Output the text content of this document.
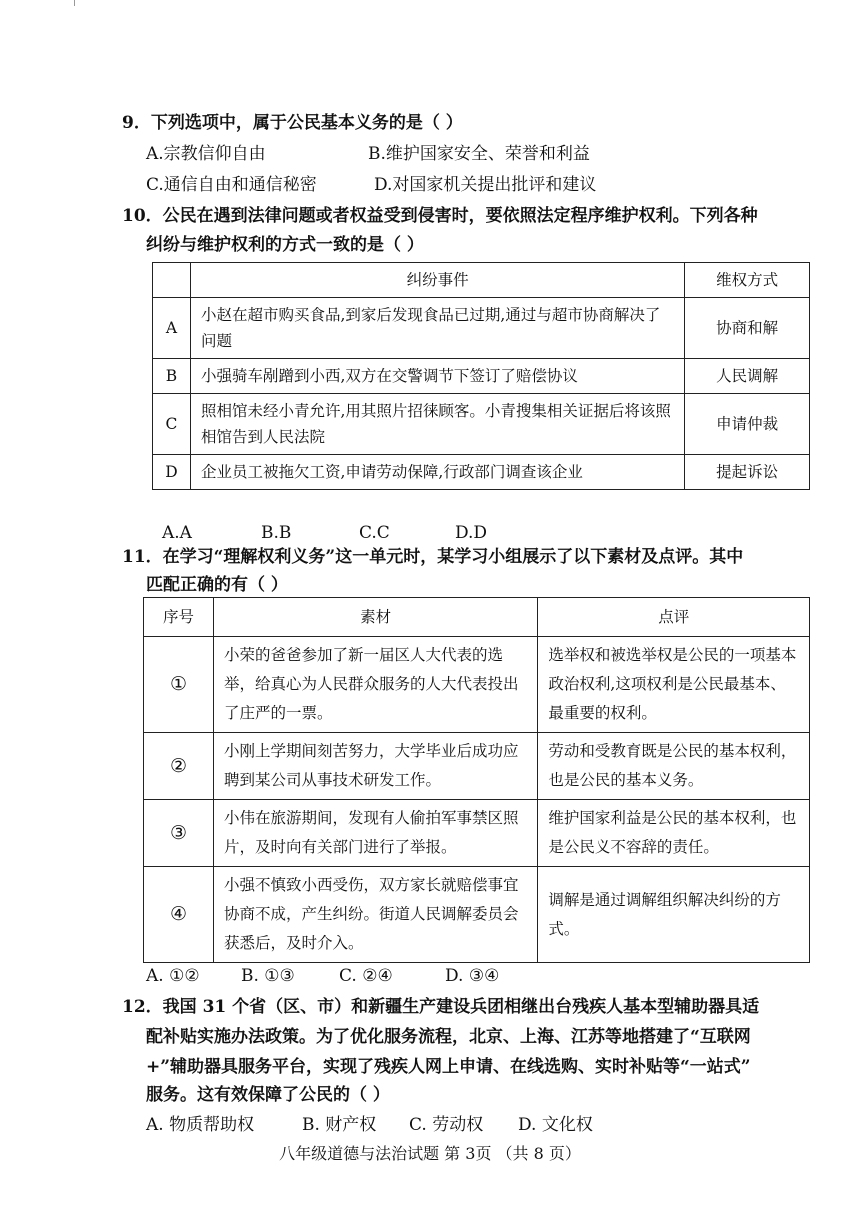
9．下列选项中，属于公民基本义务的是（ ）
A.宗教信仰自由	B.维护国家安全、荣誉和利益
C.通信自由和通信秘密	D.对国家机关提出批评和建议
10．公民在遇到法律问题或者权益受到侵害时，要依照法定程序维护权利。下列各种
纠纷与维护权利的方式一致的是（ ）
	纠纷事件	维权方式
A	小赵在超市购买食品,到家后发现食品已过期,通过与超市协商解决了问题	协商和解
B	小强骑车剐蹭到小西,双方在交警调节下签订了赔偿协议	人民调解
C	照相馆未经小青允许,用其照片招徕顾客。小青搜集相关证据后将该照相馆告到人民法院	申请仲裁
D	企业员工被拖欠工资,申请劳动保障,行政部门调查该企业	提起诉讼
A.A	B.B	C.C	D.D
11．在学习“理解权利义务”这一单元时，某学习小组展示了以下素材及点评。其中
匹配正确的有（ ）
序号	素材	点评
①	小荣的爸爸参加了新一届区人大代表的选举，给真心为人民群众服务的人大代表投出了庄严的一票。	选举权和被选举权是公民的一项基本政治权利,这项权利是公民最基本、最重要的权利。
②	小刚上学期间刻苦努力，大学毕业后成功应聘到某公司从事技术研发工作。	劳动和受教育既是公民的基本权利，也是公民的基本义务。
③	小伟在旅游期间，发现有人偷拍军事禁区照片，及时向有关部门进行了举报。	维护国家利益是公民的基本权利，也是公民义不容辞的责任。
④	小强不慎致小西受伤，双方家长就赔偿事宜协商不成，产生纠纷。街道人民调解委员会获悉后，及时介入。	调解是通过调解组织解决纠纷的方式。
A. ①② B. ①③	C. ②④	D. ③④
12．我国 31 个省（区、市）和新疆生产建设兵团相继出台残疾人基本型辅助器具适
配补贴实施办法政策。为了优化服务流程，北京、上海、江苏等地搭建了“互联网
+”辅助器具服务平台，实现了残疾人网上申请、在线选购、实时补贴等“一站式”
服务。这有效保障了公民的（ ）
A. 物质帮助权	B. 财产权 C. 劳动权 D. 文化权
八年级道德与法治试题 第 3页 （共 8 页）
